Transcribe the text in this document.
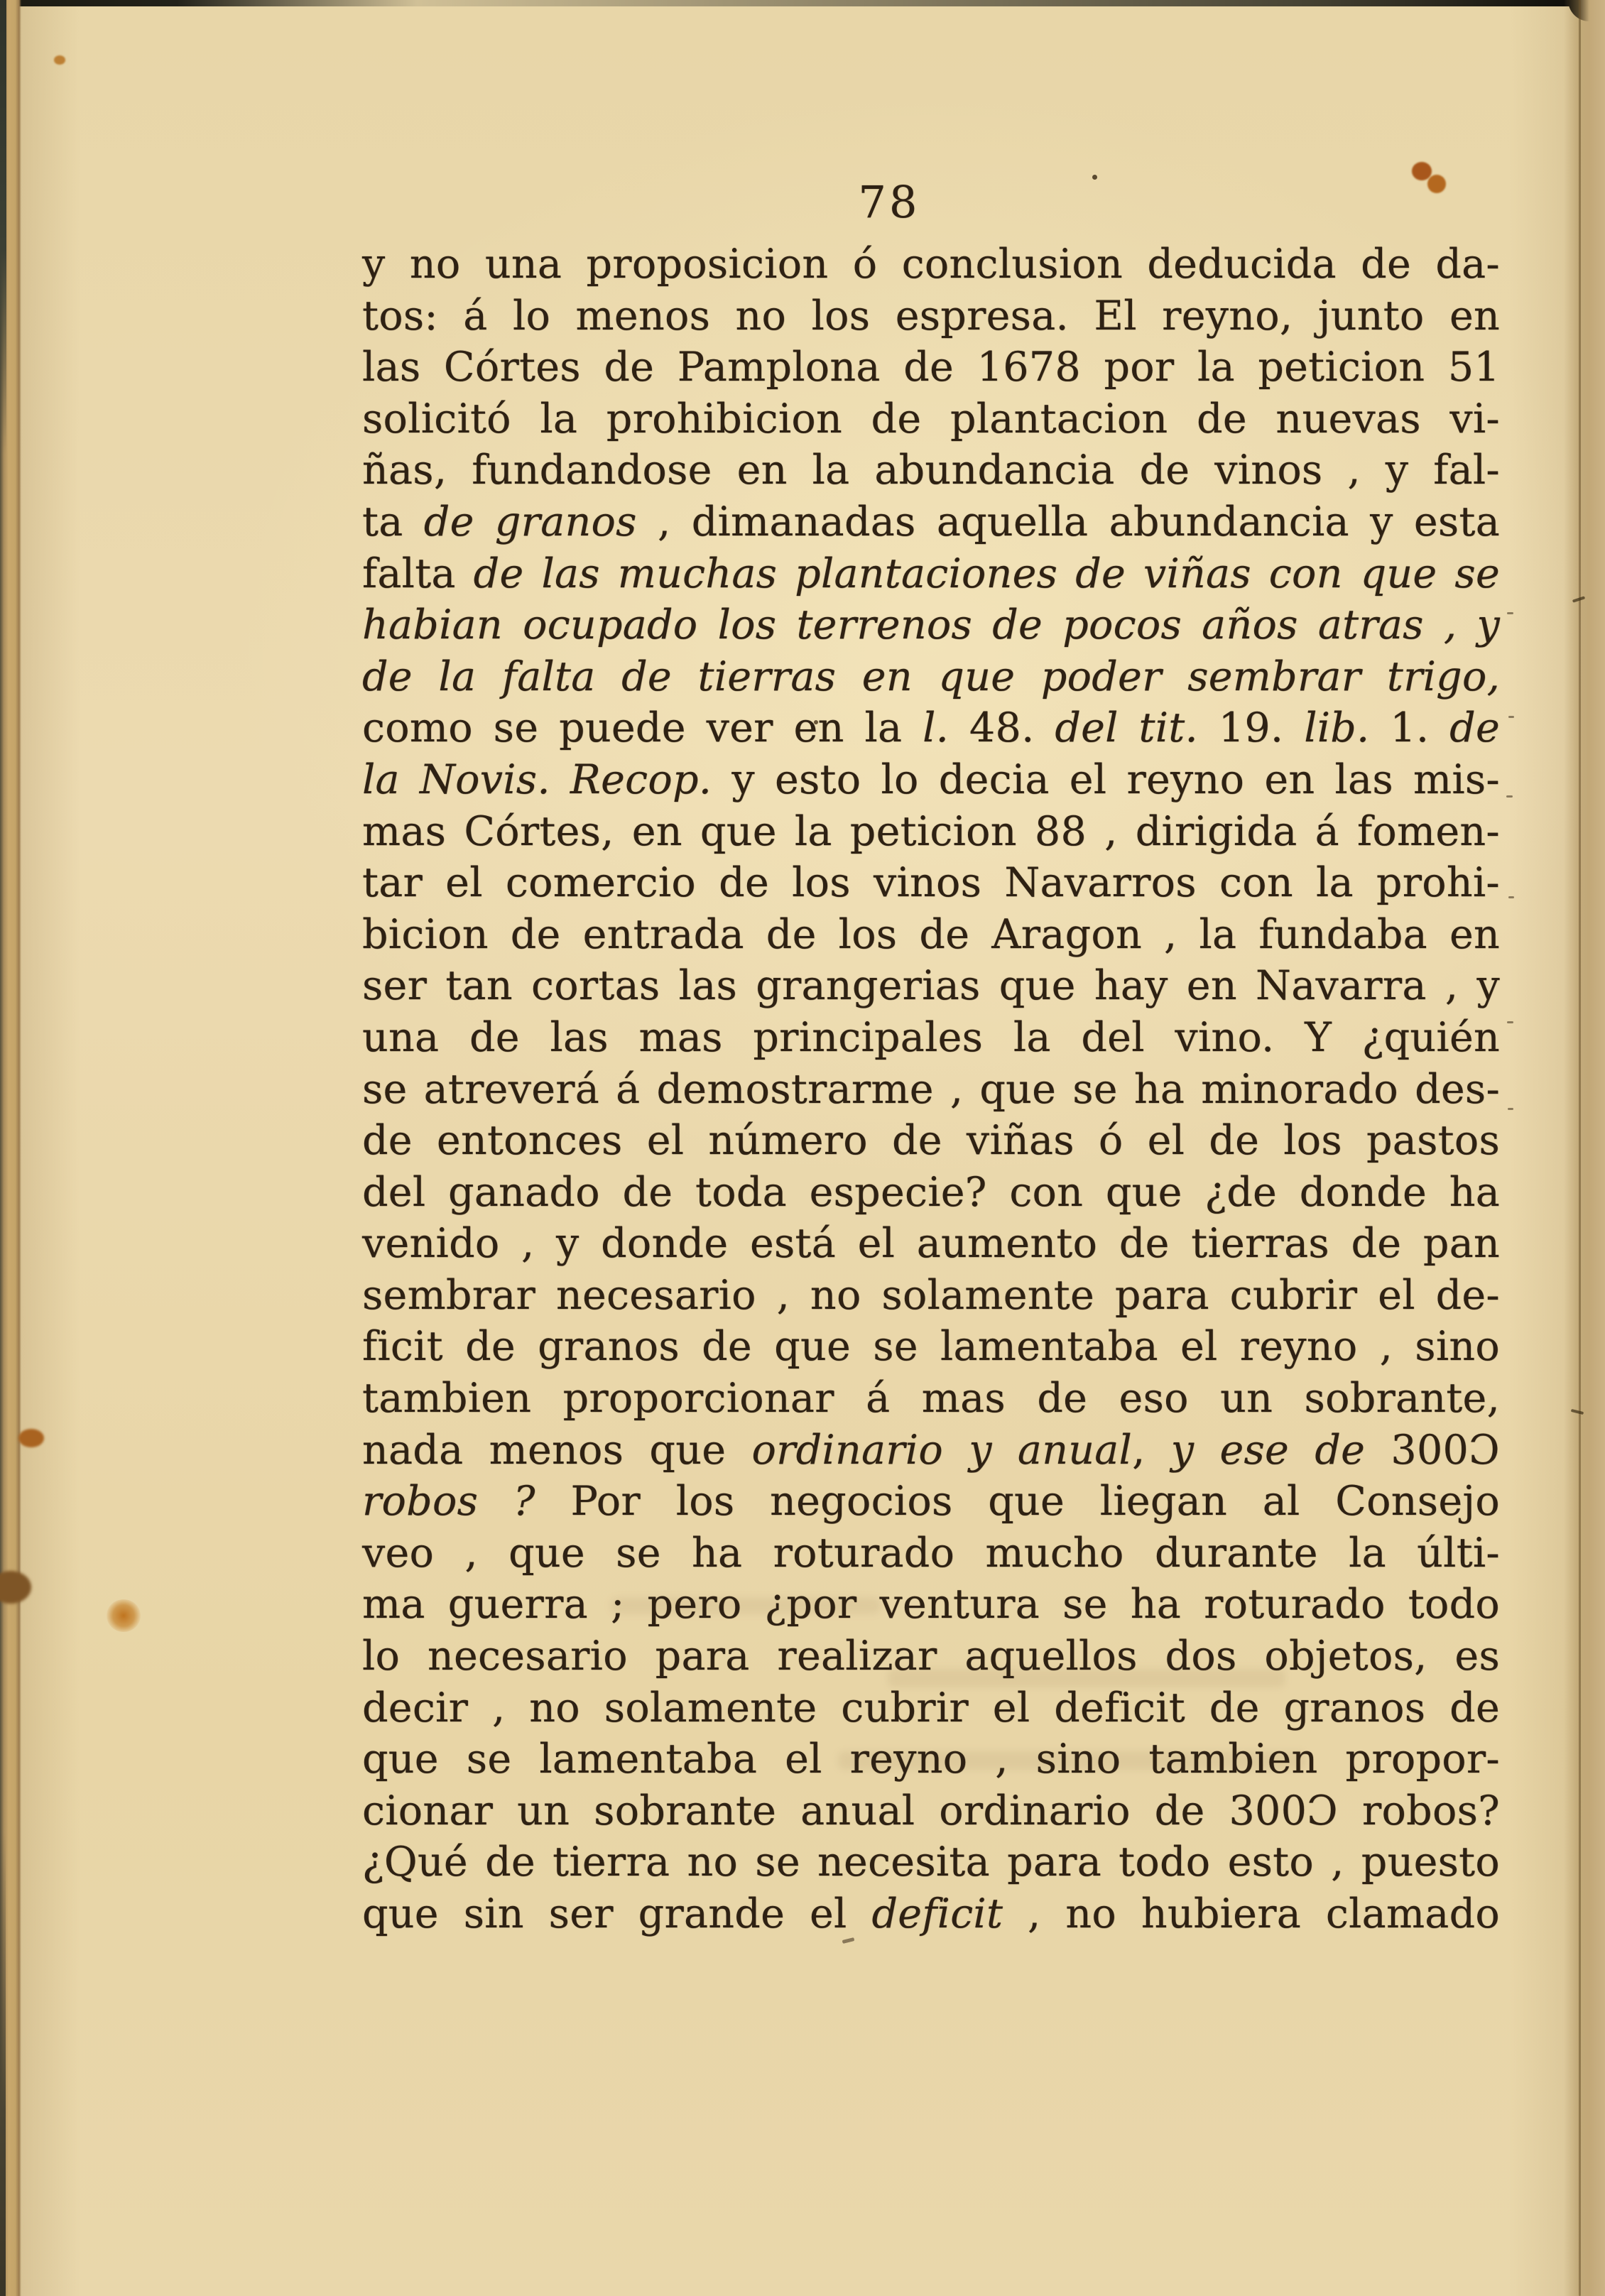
78
y no una proposicion ó conclusion deducida de da-
tos: á lo menos no los espresa. El reyno, junto en
las Córtes de Pamplona de 1678 por la peticion 51
solicitó la prohibicion de plantacion de nuevas vi-
ñas, fundandose en la abundancia de vinos , y fal-
ta de granos , dimanadas aquella abundancia y esta
falta de las muchas plantaciones de viñas con que se
habian ocupado los terrenos de pocos años atras , y
de la falta de tierras en que poder sembrar trigo,
como se puede ver en la l. 48. del tit. 19. lib. 1. de
la Novis. Recop. y esto lo decia el reyno en las mis-
mas Córtes, en que la peticion 88 , dirigida á fomen-
tar el comercio de los vinos Navarros con la prohi-
bicion de entrada de los de Aragon , la fundaba en
ser tan cortas las grangerias que hay en Navarra , y
una de las mas principales la del vino. Y ¿quién
se atreverá á demostrarme , que se ha minorado des-
de entonces el número de viñas ó el de los pastos
del ganado de toda especie? con que ¿de donde ha
venido , y donde está el aumento de tierras de pan
sembrar necesario , no solamente para cubrir el de-
ficit de granos de que se lamentaba el reyno , sino
tambien proporcionar á mas de eso un sobrante,
nada menos que ordinario y anual, y ese de 300Ɔ
robos ? Por los negocios que liegan al Consejo
veo , que se ha roturado mucho durante la últi-
ma guerra ; pero ¿por ventura se ha roturado todo
lo necesario para realizar aquellos dos objetos, es
decir , no solamente cubrir el deficit de granos de
que se lamentaba el reyno , sino tambien propor-
cionar un sobrante anual ordinario de 300Ɔ robos?
¿Qué de tierra no se necesita para todo esto , puesto
que sin ser grande el deficit , no hubiera clamado
